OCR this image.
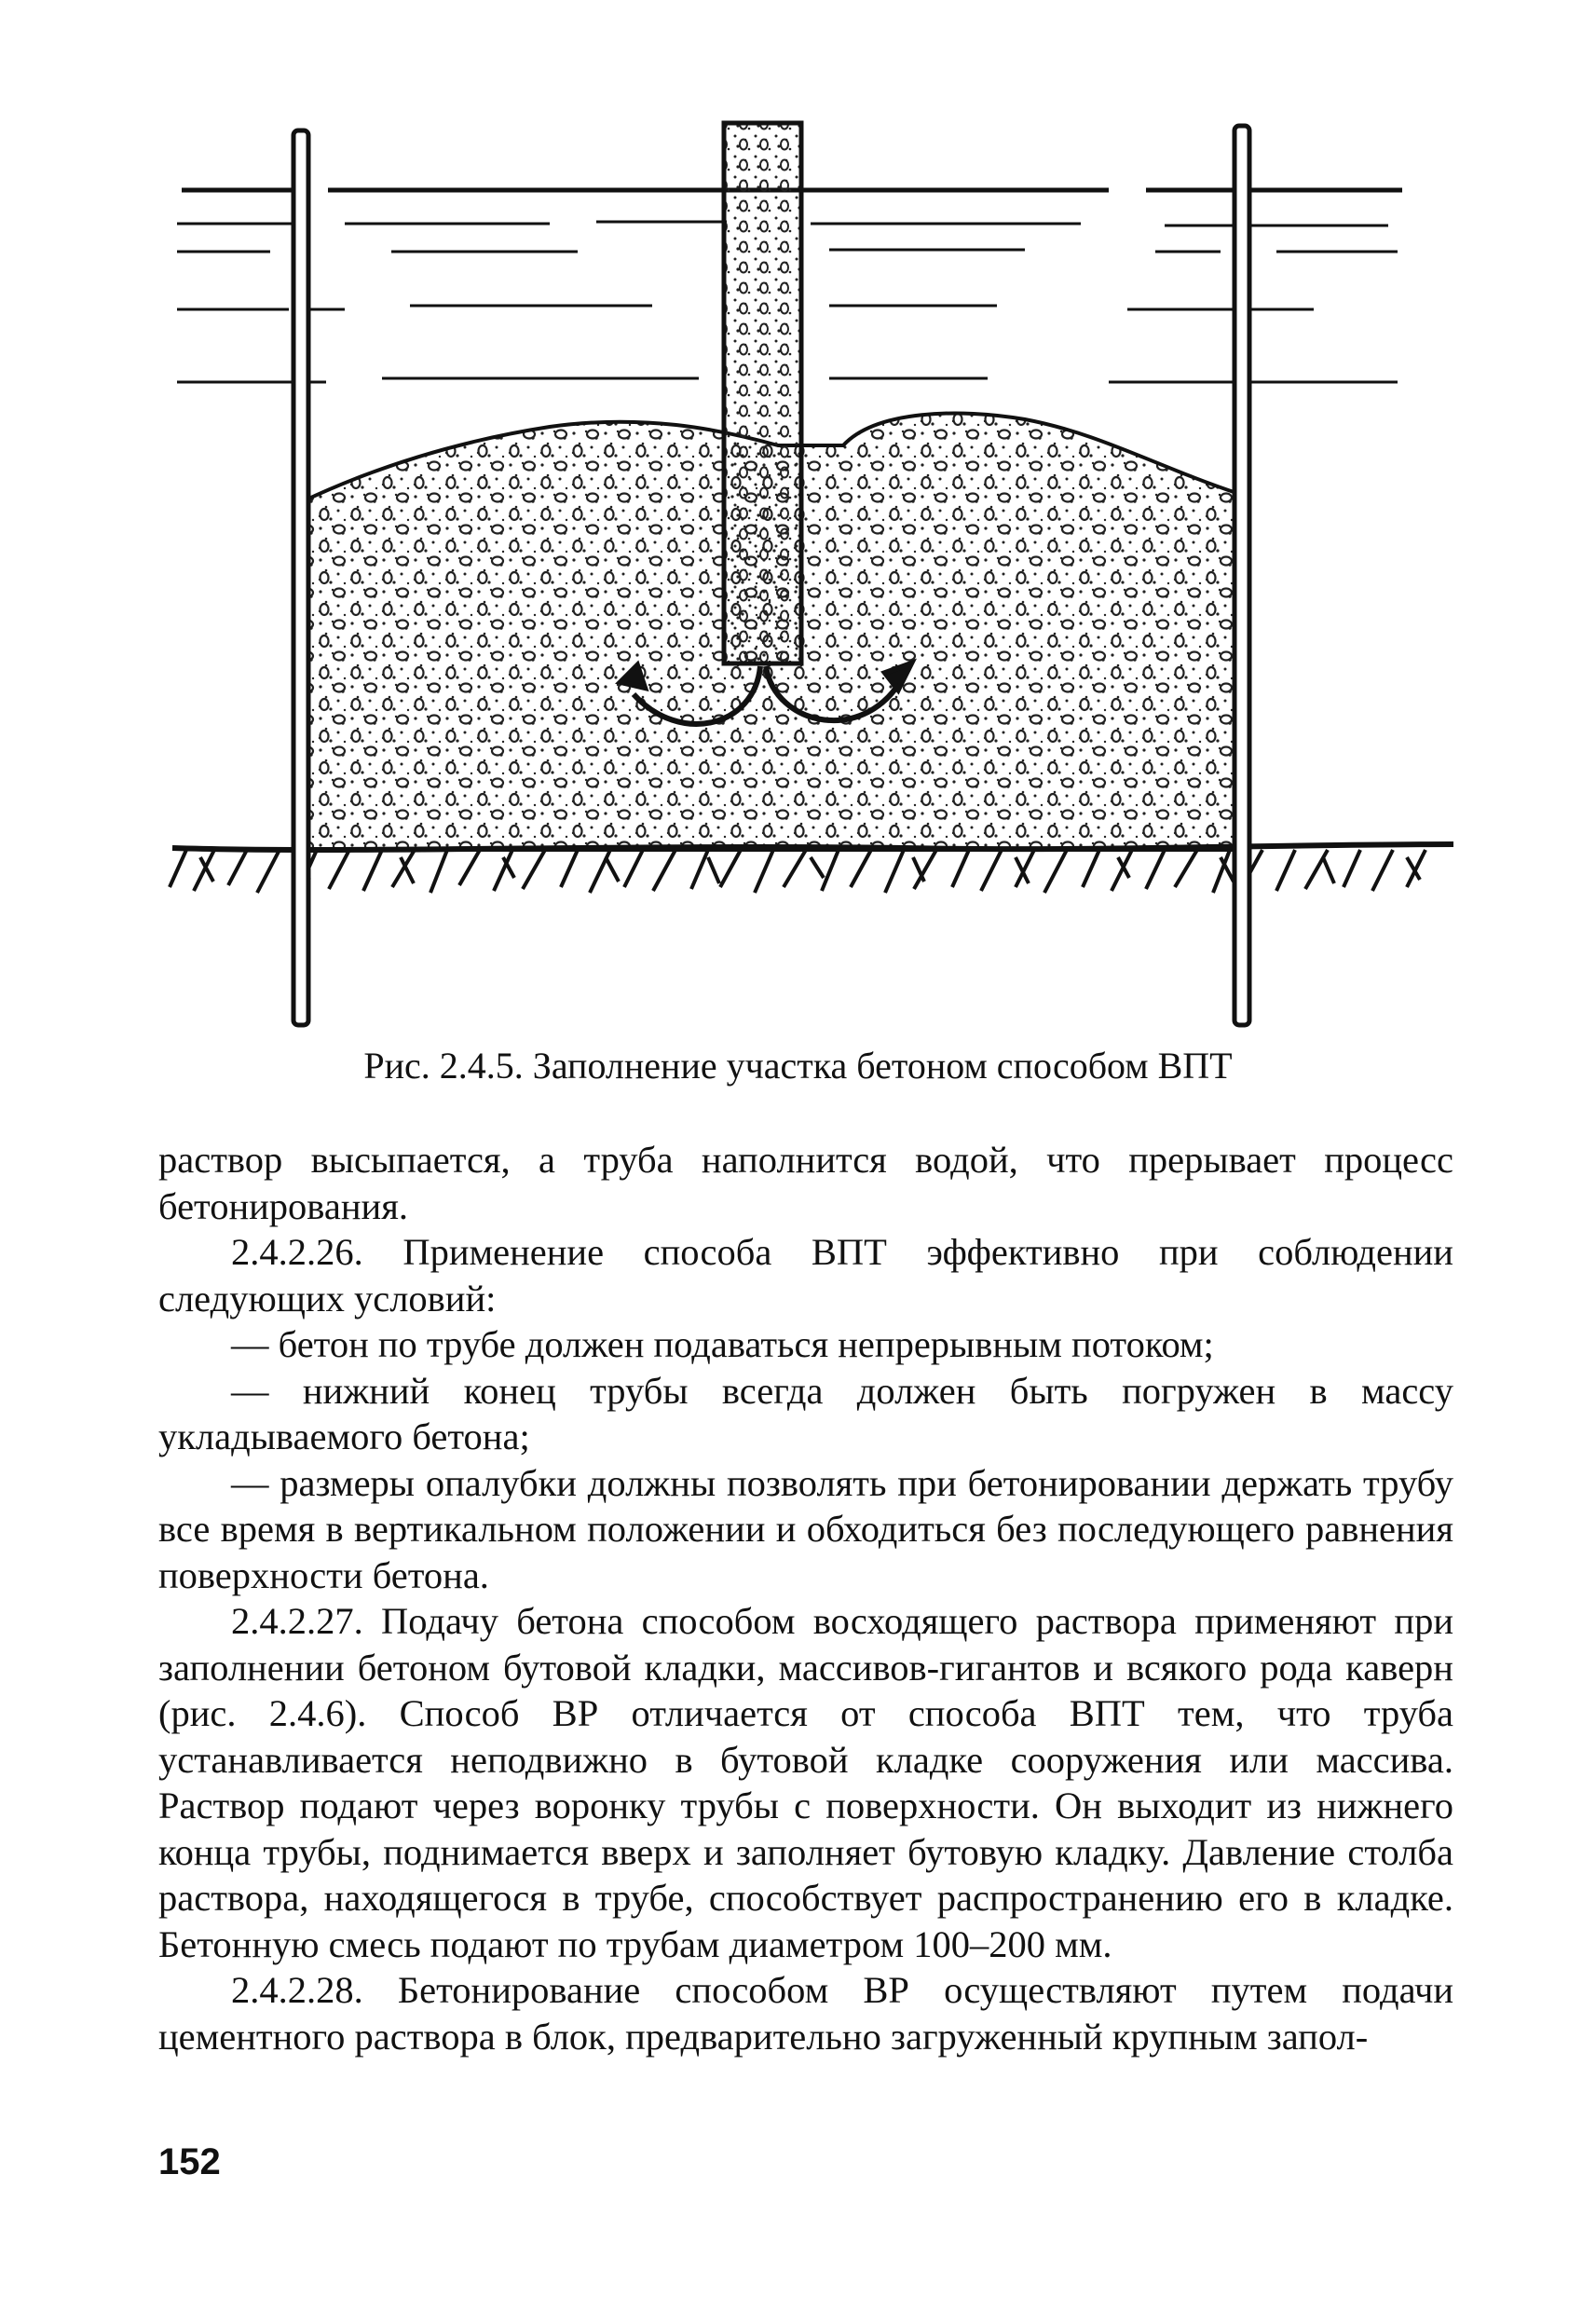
Рис. 2.4.5. Заполнение участка бетоном способом ВПТ

раствор высыпается, а труба наполнится водой, что прерывает процесс бетонирования.

2.4.2.26. Применение способа ВПТ эффективно при соблюдении следующих условий:

— бетон по трубе должен подаваться непрерывным потоком;

— нижний конец трубы всегда должен быть погружен в массу укладываемого бетона;

— размеры опалубки должны позволять при бетонировании держать трубу все время в вертикальном положении и обходиться без последующего равнения поверхности бетона.

2.4.2.27. Подачу бетона способом восходящего раствора применяют при заполнении бетоном бутовой кладки, массивов-гигантов и всякого рода каверн (рис. 2.4.6). Способ ВР отличается от способа ВПТ тем, что труба устанавливается неподвижно в бутовой кладке сооружения или массива. Раствор подают через воронку трубы с поверхности. Он выходит из нижнего конца трубы, поднимается вверх и заполняет бутовую кладку. Давление столба раствора, находящегося в трубе, способствует распространению его в кладке. Бетонную смесь подают по трубам диаметром 100–200 мм.

2.4.2.28. Бетонирование способом ВР осуществляют путем подачи цементного раствора в блок, предварительно загруженный крупным запол-

152
